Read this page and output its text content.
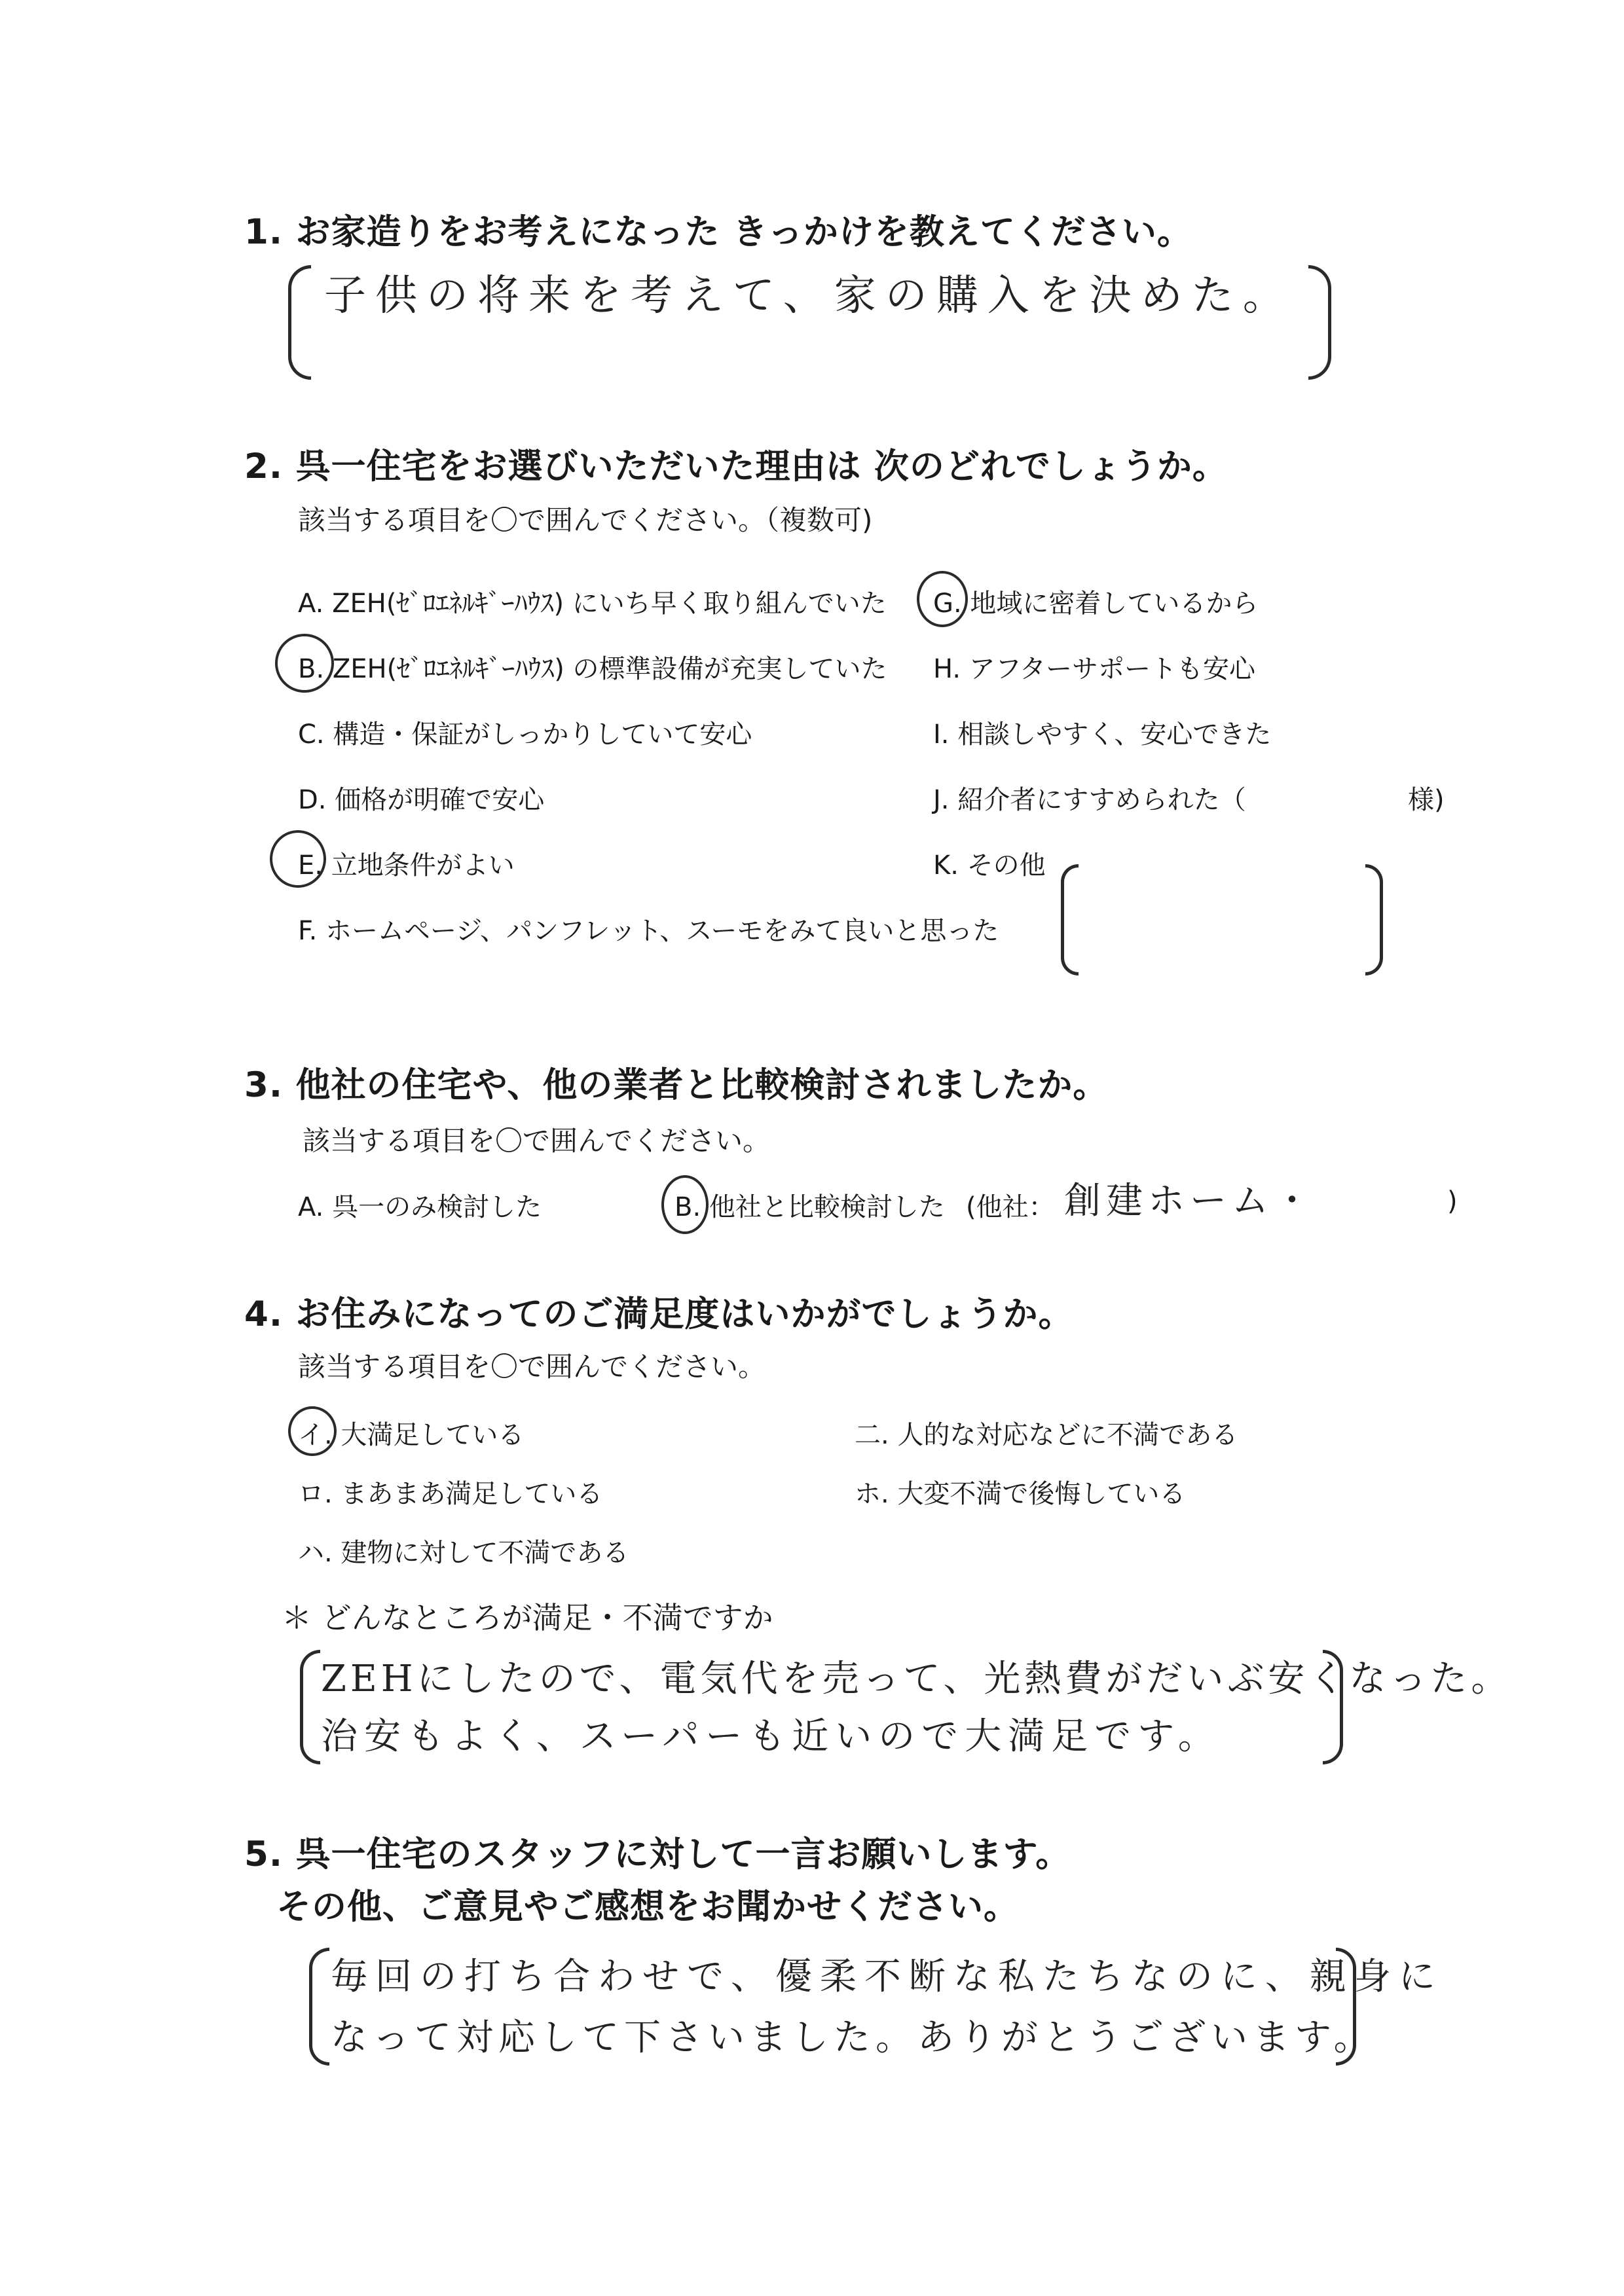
1. お家造りをお考えになった きっかけを教えてください。
子供の将来を考えて、家の購入を決めた。
2. 呉一住宅をお選びいただいた理由は 次のどれでしょうか。
該当する項目を〇で囲んでください。（複数可)
A. ZEH(ｾﾞﾛｴﾈﾙｷﾞｰﾊｳｽ) にいち早く取り組んでいた
B. ZEH(ｾﾞﾛｴﾈﾙｷﾞｰﾊｳｽ) の標準設備が充実していた
C. 構造・保証がしっかりしていて安心
D. 価格が明確で安心
E. 立地条件がよい
F. ホームページ、パンフレット、スーモをみて良いと思った
G. 地域に密着しているから
H. アフターサポートも安心
I. 相談しやすく、安心できた
J. 紹介者にすすめられた（	様)
K. その他
3. 他社の住宅や、他の業者と比較検討されましたか。
該当する項目を〇で囲んでください。
A. 呉一のみ検討した	B. 他社と比較検討した (他社： 創建ホーム・	)
4. お住みになってのご満足度はいかがでしょうか。
該当する項目を〇で囲んでください。
イ. 大満足している
ロ. まあまあ満足している
ハ. 建物に対して不満である
二. 人的な対応などに不満である
ホ. 大変不満で後悔している
＊ どんなところが満足・不満ですか
ZEHにしたので、電気代を売って、光熱費がだいぶ安くなった。
治安もよく、スーパーも近いので大満足です。
5. 呉一住宅のスタッフに対して一言お願いします。
その他、ご意見やご感想をお聞かせください。
毎回の打ち合わせで、優柔不断な私たちなのに、親身に
なって対応して下さいました。ありがとうございます。
